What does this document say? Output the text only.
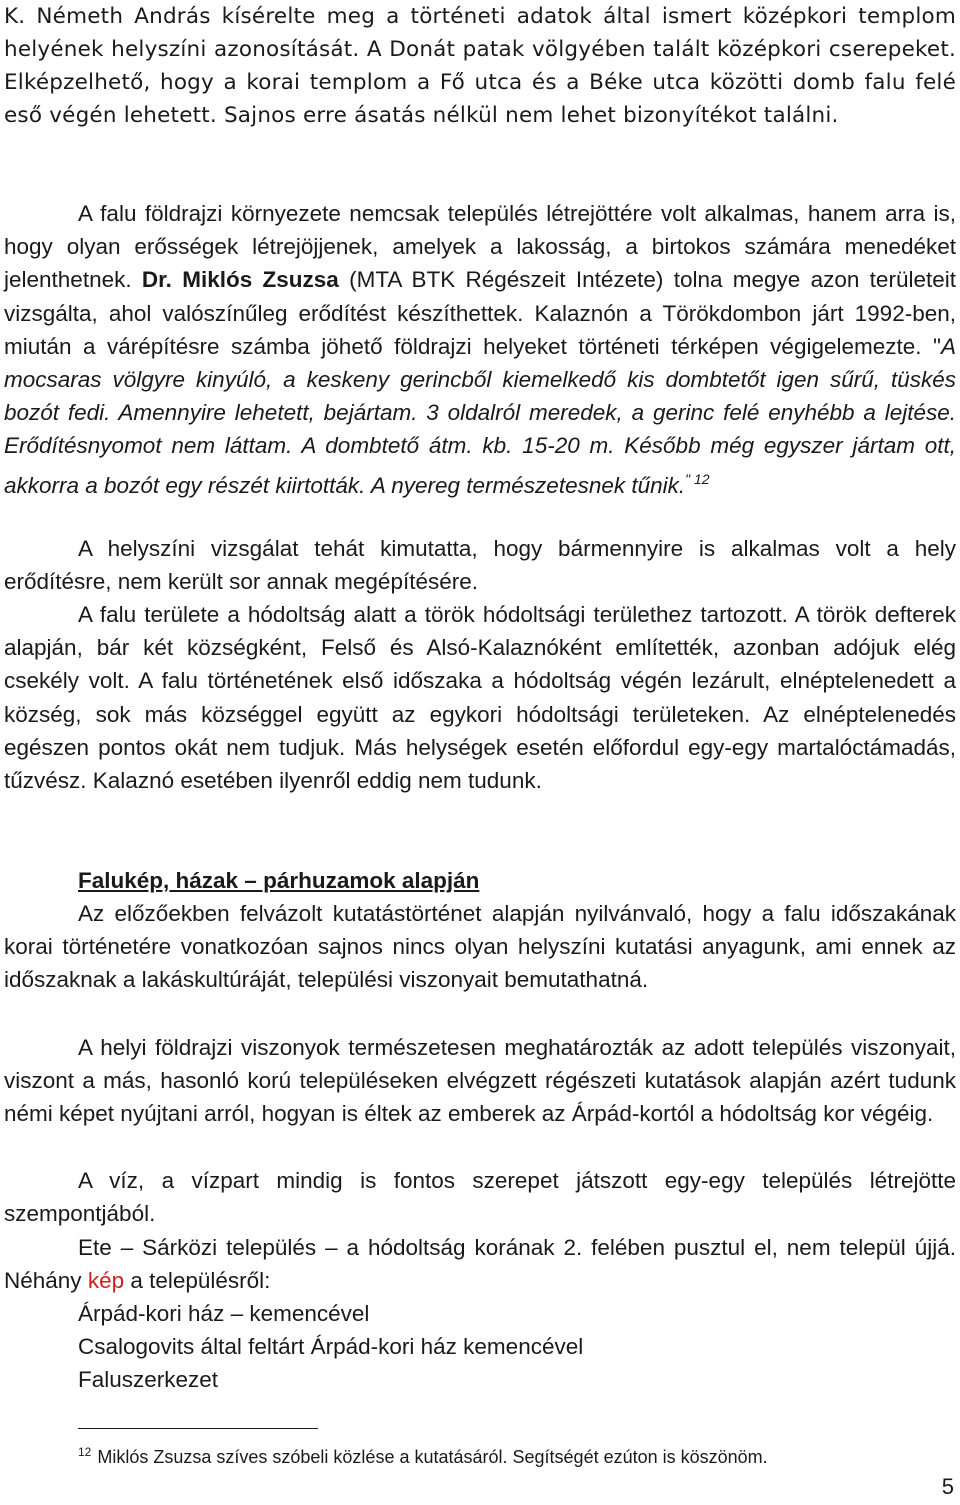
K. Németh András kísérelte meg a történeti adatok által ismert középkori templom helyének helyszíni azonosítását. A Donát patak völgyében talált középkori cserepeket. Elképzelhető, hogy a korai templom a Fő utca és a Béke utca közötti domb falu felé eső végén lehetett. Sajnos erre ásatás nélkül nem lehet bizonyítékot találni.

A falu földrajzi környezete nemcsak település létrejöttére volt alkalmas, hanem arra is, hogy olyan erősségek létrejöjjenek, amelyek a lakosság, a birtokos számára menedéket jelenthetnek. Dr. Miklós Zsuzsa (MTA BTK Régészeit Intézete) tolna megye azon területeit vizsgálta, ahol valószínűleg erődítést készíthettek. Kalaznón a Törökdombon járt 1992-ben, miután a várépítésre számba jöhető földrajzi helyeket történeti térképen végigelemezte. "A mocsaras völgyre kinyúló, a keskeny gerincből kiemelkedő kis dombtetőt igen sűrű, tüskés bozót fedi. Amennyire lehetett, bejártam. 3 oldalról meredek, a gerinc felé enyhébb a lejtése. Erődítésnyomot nem láttam. A dombtető átm. kb. 15-20 m. Később még egyszer jártam ott, akkorra a bozót egy részét kiirtották. A nyereg természetesnek tűnik.$^{" 12}$

A helyszíni vizsgálat tehát kimutatta, hogy bármennyire is alkalmas volt a hely erődítésre, nem került sor annak megépítésére.

A falu területe a hódoltság alatt a török hódoltsági területhez tartozott. A török defterek alapján, bár két községként, Felső és Alsó-Kalaznóként említették, azonban adójuk elég csekély volt. A falu történetének első időszaka a hódoltság végén lezárult, elnéptelenedett a község, sok más községgel együtt az egykori hódoltsági területeken. Az elnéptelenedés egészen pontos okát nem tudjuk. Más helységek esetén előfordul egy-egy martalóctámadás, tűzvész. Kalaznó esetében ilyenről eddig nem tudunk.

Falukép, házak – párhuzamok alapján

Az előzőekben felvázolt kutatástörténet alapján nyilvánvaló, hogy a falu időszakának korai történetére vonatkozóan sajnos nincs olyan helyszíni kutatási anyagunk, ami ennek az időszaknak a lakáskultúráját, települési viszonyait bemutathatná.

A helyi földrajzi viszonyok természetesen meghatározták az adott település viszonyait, viszont a más, hasonló korú településeken elvégzett régészeti kutatások alapján azért tudunk némi képet nyújtani arról, hogyan is éltek az emberek az Árpád-kortól a hódoltság kor végéig.

A víz, a vízpart mindig is fontos szerepet játszott egy-egy település létrejötte szempontjából.

Ete – Sárközi település – a hódoltság korának 2. felében pusztul el, nem települ újjá. Néhány kép a településről:

Árpád-kori ház – kemencével
Csalogovits által feltárt Árpád-kori ház kemencével
Faluszerkezet

$^{12}$ Miklós Zsuzsa szíves szóbeli közlése a kutatásáról. Segítségét ezúton is köszönöm.

5
